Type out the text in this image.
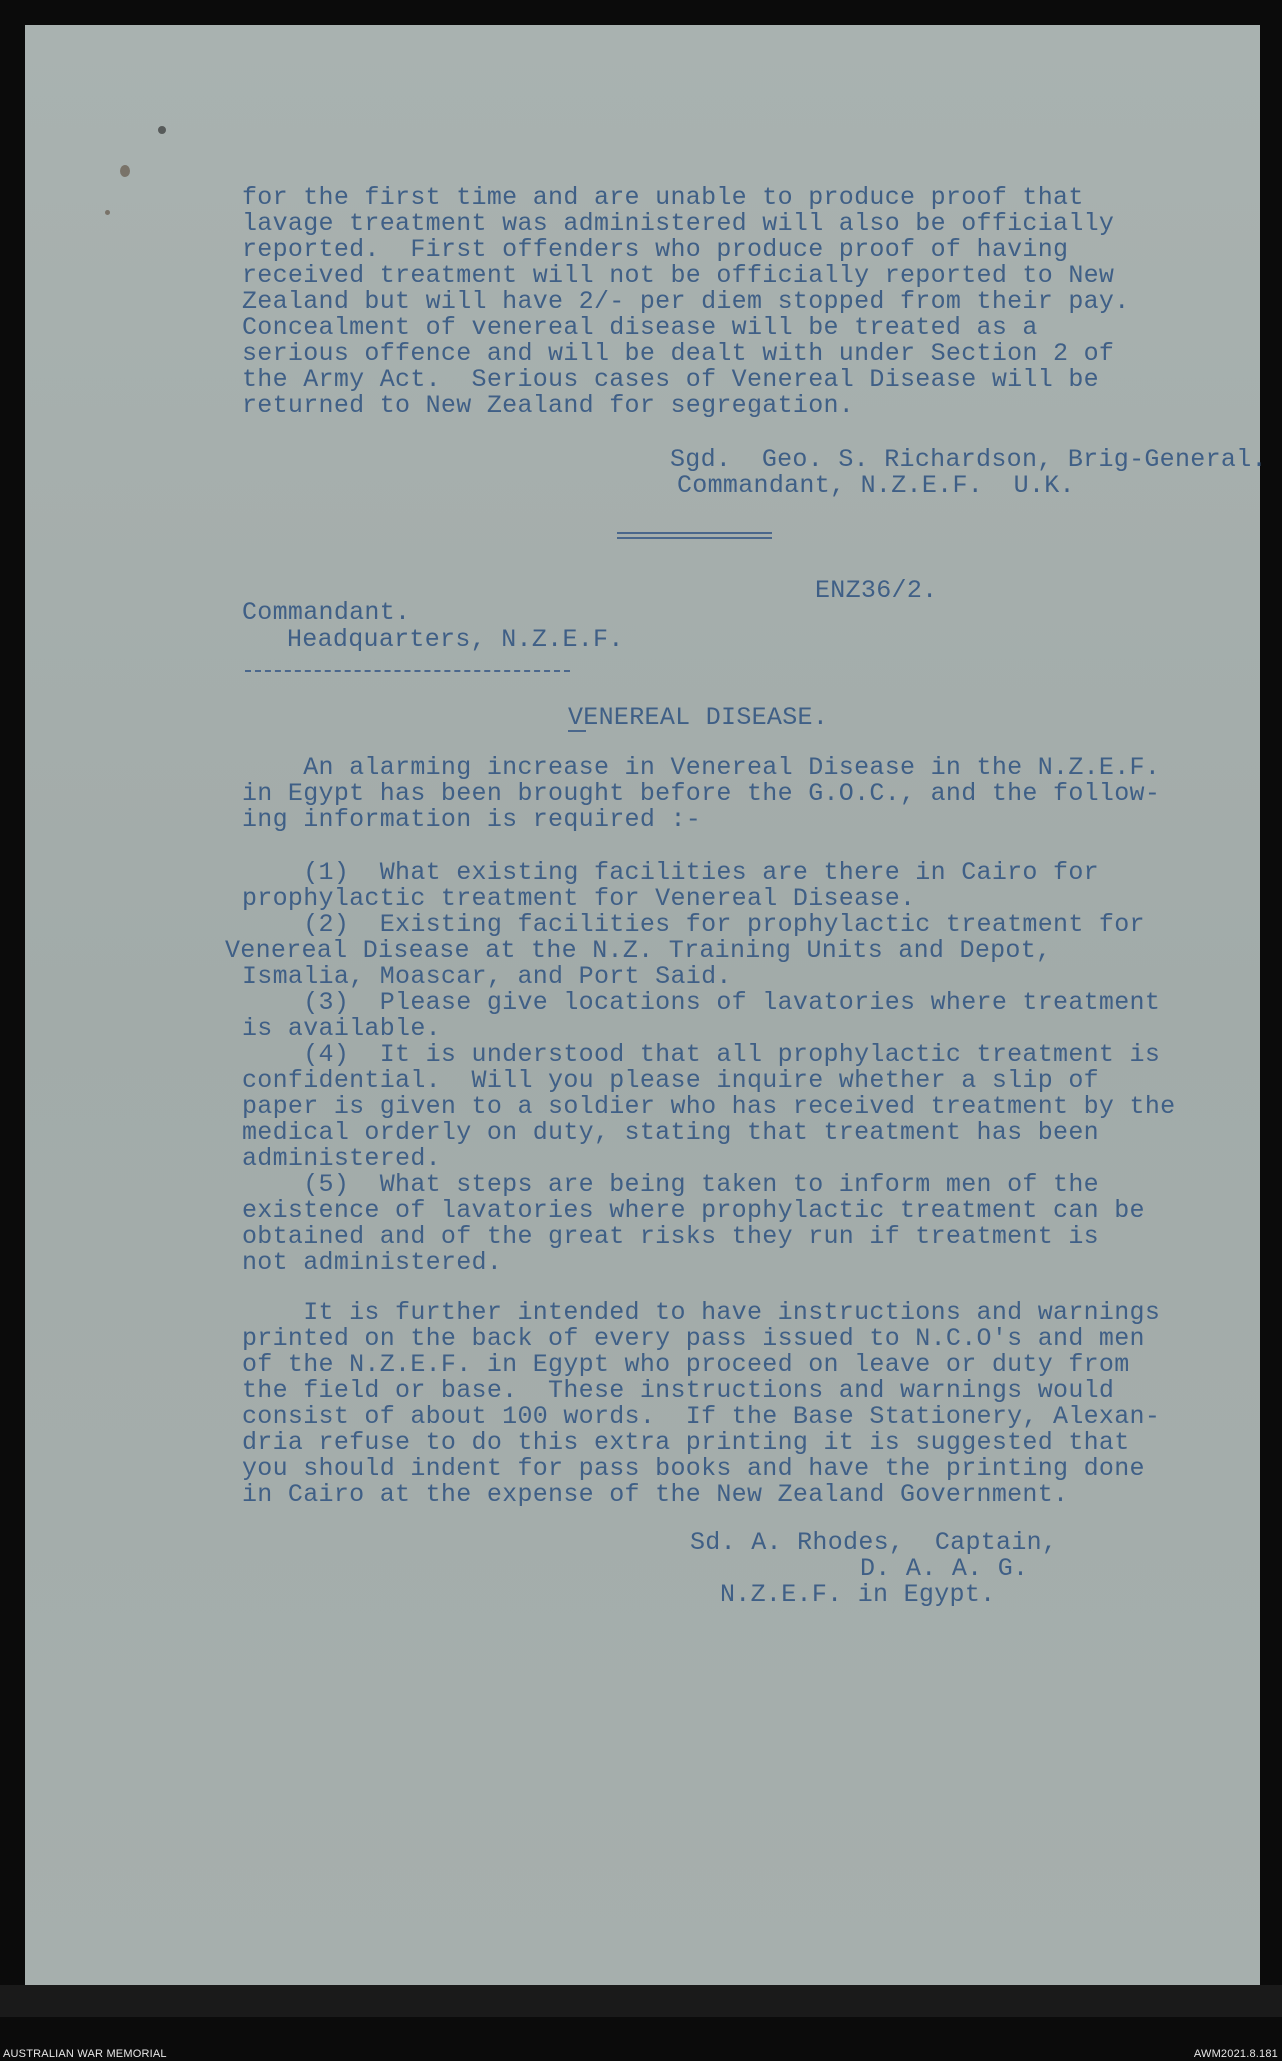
AUSTRALIAN WAR MEMORIAL	AWM2021.8.181
for the first time and are unable to produce proof that
lavage treatment was administered will also be officially
reported.  First offenders who produce proof of having
received treatment will not be officially reported to New
Zealand but will have 2/- per diem stopped from their pay.
Concealment of venereal disease will be treated as a
serious offence and will be dealt with under Section 2 of
the Army Act.  Serious cases of Venereal Disease will be
returned to New Zealand for segregation.
Sgd.  Geo. S. Richardson, Brig-General.
Commandant, N.Z.E.F.  U.K.
ENZ36/2.
Commandant.
Headquarters, N.Z.E.F.
VENEREAL DISEASE.
An alarming increase in Venereal Disease in the N.Z.E.F.
in Egypt has been brought before the G.O.C., and the follow-
ing information is required :-
(1)  What existing facilities are there in Cairo for
prophylactic treatment for Venereal Disease.
(2)  Existing facilities for prophylactic treatment for
Venereal Disease at the N.Z. Training Units and Depot,
Ismalia, Moascar, and Port Said.
(3)  Please give locations of lavatories where treatment
is available.
(4)  It is understood that all prophylactic treatment is
confidential.  Will you please inquire whether a slip of
paper is given to a soldier who has received treatment by the
medical orderly on duty, stating that treatment has been
administered.
(5)  What steps are being taken to inform men of the
existence of lavatories where prophylactic treatment can be
obtained and of the great risks they run if treatment is
not administered.
It is further intended to have instructions and warnings
printed on the back of every pass issued to N.C.O's and men
of the N.Z.E.F. in Egypt who proceed on leave or duty from
the field or base.  These instructions and warnings would
consist of about 100 words.  If the Base Stationery, Alexan-
dria refuse to do this extra printing it is suggested that
you should indent for pass books and have the printing done
in Cairo at the expense of the New Zealand Government.
Sd. A. Rhodes,  Captain,
D. A. A. G.
N.Z.E.F. in Egypt.
